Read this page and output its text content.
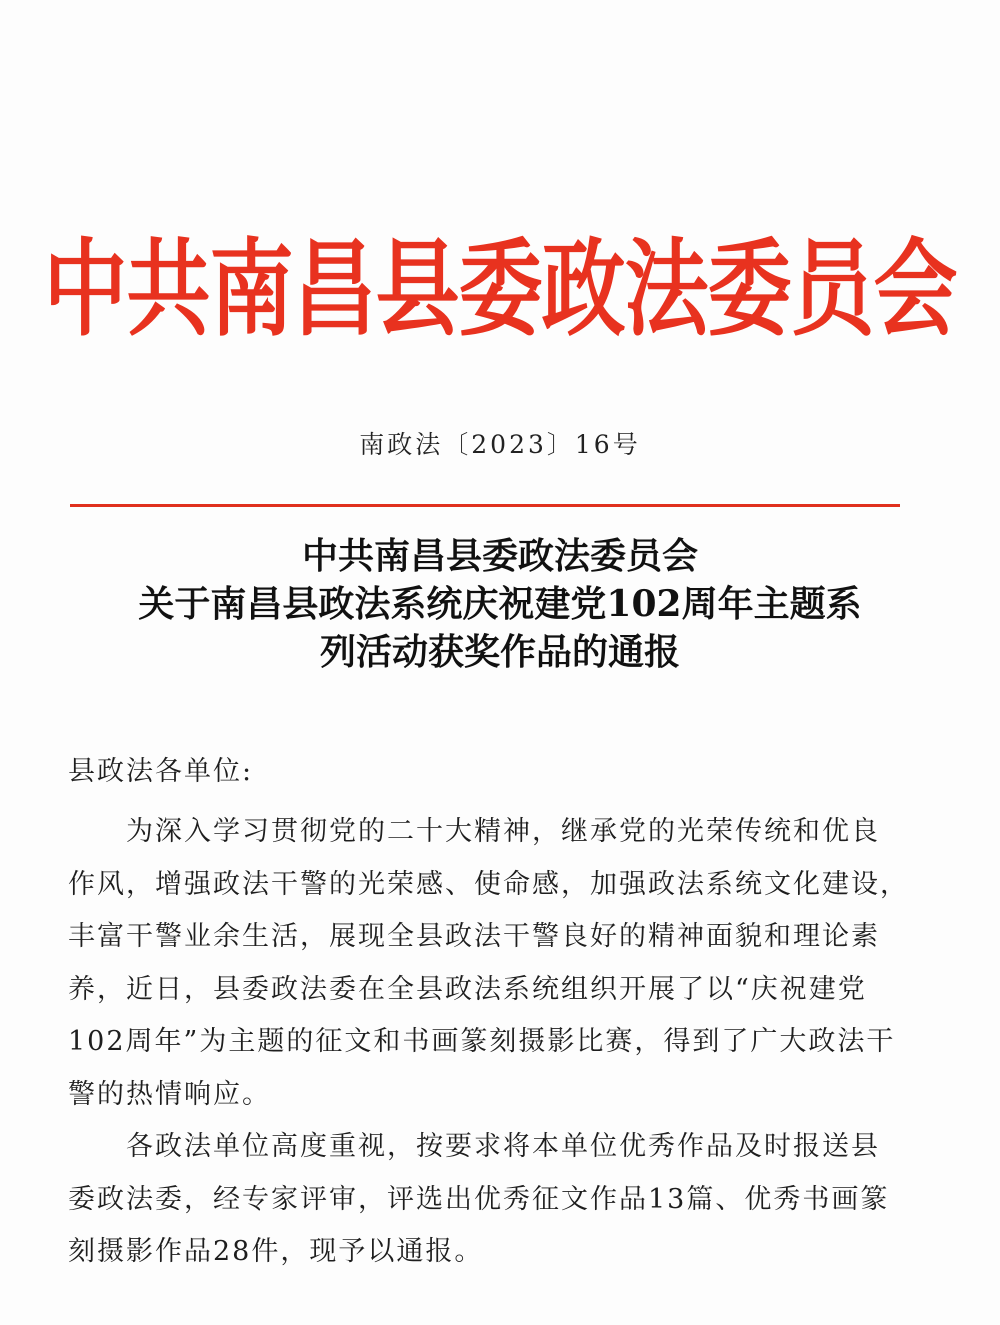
中共南昌县委政法委员会
南政法〔2023〕16号
中共南昌县委政法委员会
关于南昌县政法系统庆祝建党102周年主题系
列活动获奖作品的通报
县政法各单位:
为深入学习贯彻党的二十大精神，继承党的光荣传统和优良
作风，增强政法干警的光荣感、使命感，加强政法系统文化建设，
丰富干警业余生活，展现全县政法干警良好的精神面貌和理论素
养，近日，县委政法委在全县政法系统组织开展了以“庆祝建党
102周年”为主题的征文和书画篆刻摄影比赛，得到了广大政法干
警的热情响应。
各政法单位高度重视，按要求将本单位优秀作品及时报送县
委政法委，经专家评审，评选出优秀征文作品13篇、优秀书画篆
刻摄影作品28件，现予以通报。
